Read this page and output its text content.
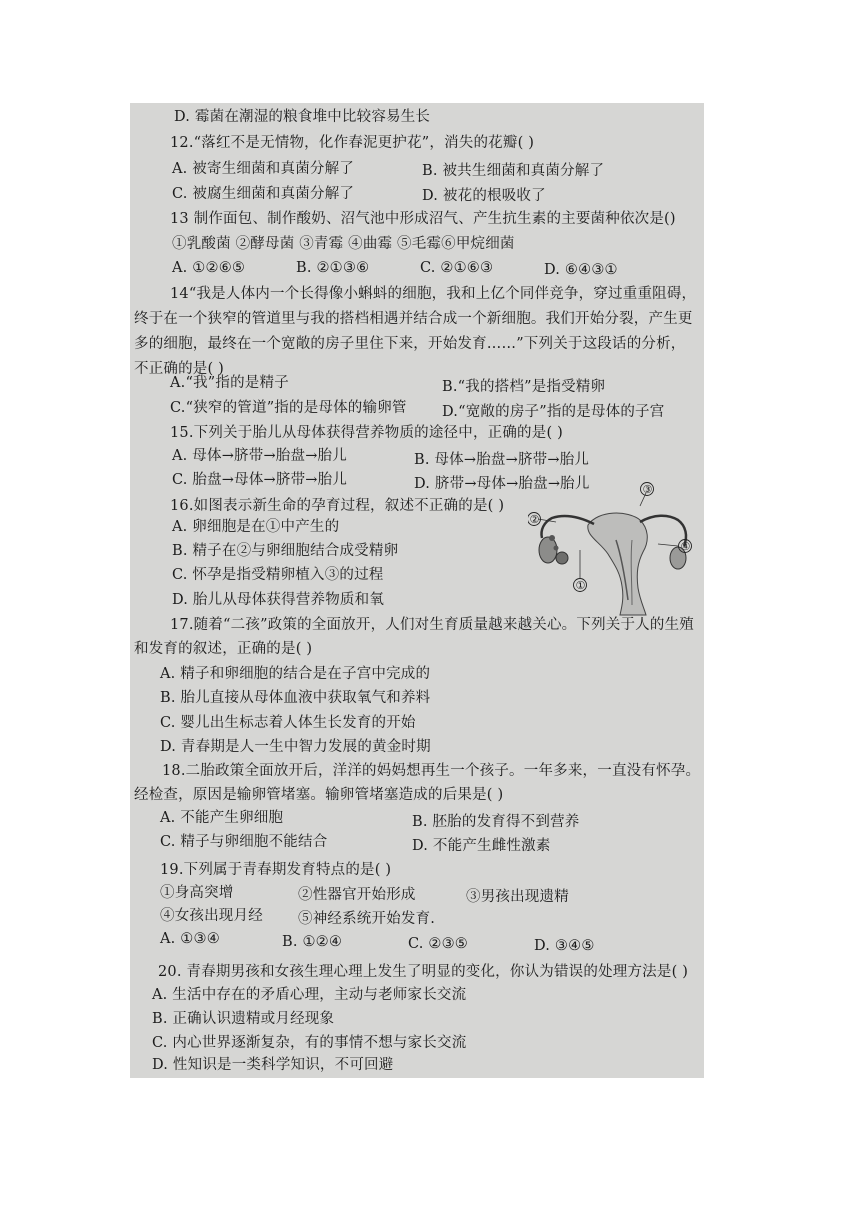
D. 霉菌在潮湿的粮食堆中比较容易生长
12.“落红不是无情物，化作春泥更护花”，消失的花瓣( )
A. 被寄生细菌和真菌分解了	B. 被共生细菌和真菌分解了
C. 被腐生细菌和真菌分解了	D. 被花的根吸收了
13 制作面包、制作酸奶、沼气池中形成沼气、产生抗生素的主要菌种依次是()
①乳酸菌 ②酵母菌 ③青霉 ④曲霉 ⑤毛霉⑥甲烷细菌
A. ①②⑥⑤	B. ②①③⑥	C. ②①⑥③	D. ⑥④③①
14“我是人体内一个长得像小蝌蚪的细胞，我和上亿个同伴竞争，穿过重重阻碍，
终于在一个狭窄的管道里与我的搭档相遇并结合成一个新细胞。我们开始分裂，产生更
多的细胞，最终在一个宽敞的房子里住下来，开始发育……”下列关于这段话的分析，
不正确的是( )
A.“我”指的是精子	B.“我的搭档”是指受精卵
C.“狭窄的管道”指的是母体的输卵管 D.“宽敞的房子”指的是母体的子宫
15.下列关于胎儿从母体获得营养物质的途径中，正确的是( )
A. 母体→脐带→胎盘→胎儿	B. 母体→胎盘→脐带→胎儿
C. 胎盘→母体→脐带→胎儿	D. 脐带→母体→胎盘→胎儿
16.如图表示新生命的孕育过程，叙述不正确的是( )
A. 卵细胞是在①中产生的
B. 精子在②与卵细胞结合成受精卵
C. 怀孕是指受精卵植入③的过程
D. 胎儿从母体获得营养物质和氧
③
②
④
①
17.随着“二孩”政策的全面放开，人们对生育质量越来越关心。下列关于人的生殖
和发育的叙述，正确的是( )
A. 精子和卵细胞的结合是在子宫中完成的
B. 胎儿直接从母体血液中获取氧气和养料
C. 婴儿出生标志着人体生长发育的开始
D. 青春期是人一生中智力发展的黄金时期
18.二胎政策全面放开后，洋洋的妈妈想再生一个孩子。一年多来，一直没有怀孕。
经检查，原因是输卵管堵塞。输卵管堵塞造成的后果是( )
A. 不能产生卵细胞	B. 胚胎的发育得不到营养
C. 精子与卵细胞不能结合	D. 不能产生雌性激素
19.下列属于青春期发育特点的是( )
①身高突增	②性器官开始形成	③男孩出现遗精
④女孩出现月经 ⑤神经系统开始发育.
A. ①③④	B. ①②④	C. ②③⑤	D. ③④⑤
20. 青春期男孩和女孩生理心理上发生了明显的变化，你认为错误的处理方法是( )
A. 生活中存在的矛盾心理，主动与老师家长交流
B. 正确认识遗精或月经现象
C. 内心世界逐渐复杂，有的事情不想与家长交流
D. 性知识是一类科学知识，不可回避
